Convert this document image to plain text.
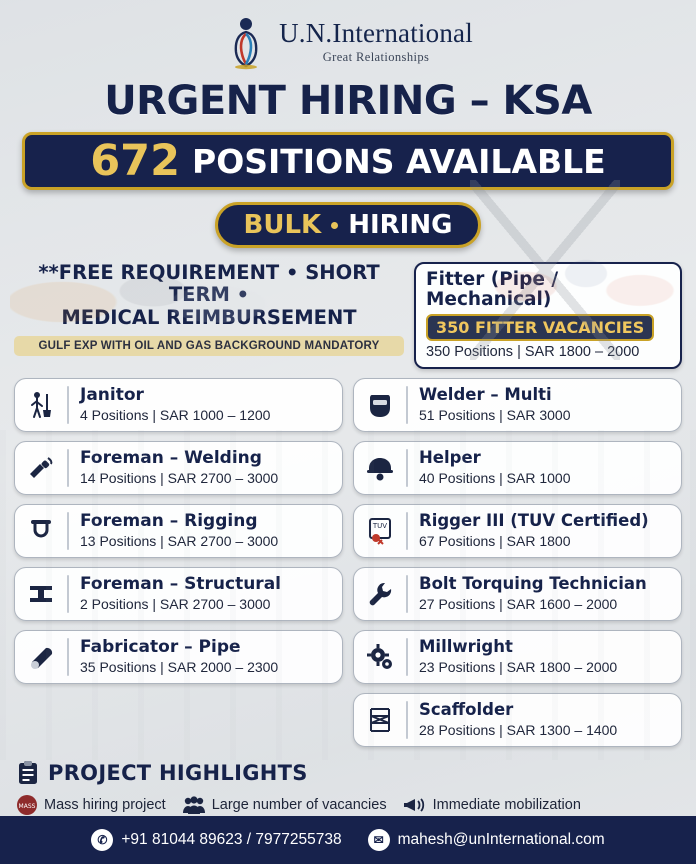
U.N.International
Great Relationships
URGENT HIRING – KSA
672 POSITIONS AVAILABLE
BULK HIRING
**FREE REQUIREMENT • SHORT TERM •
MEDICAL REIMBURSEMENT
GULF EXP WITH OIL AND GAS BACKGROUND MANDATORY
Fitter (Pipe / Mechanical)
350 FITTER VACANCIES
350 Positions | SAR 1800 – 2000
Janitor
4 Positions | SAR 1000 – 1200
Foreman – Welding
14 Positions | SAR 2700 – 3000
Foreman – Rigging
13 Positions | SAR 2700 – 3000
Foreman – Structural
2 Positions | SAR 2700 – 3000
Fabricator – Pipe
35 Positions | SAR 2000 – 2300
Welder – Multi
51 Positions | SAR 3000
Helper
40 Positions | SAR 1000
TUV Rigger III (TUV Certified)
67 Positions | SAR 1800
Bolt Torquing Technician
27 Positions | SAR 1600 – 2000
Millwright
23 Positions | SAR 1800 – 2000
Scaffolder
28 Positions | SAR 1300 – 1400
PROJECT HIGHLIGHTS
MASS Mass hiring project	Large number of vacancies	Immediate mobilization
✆ +91 81044 89623 / 7977255738	✉ mahesh@unInternational.com
